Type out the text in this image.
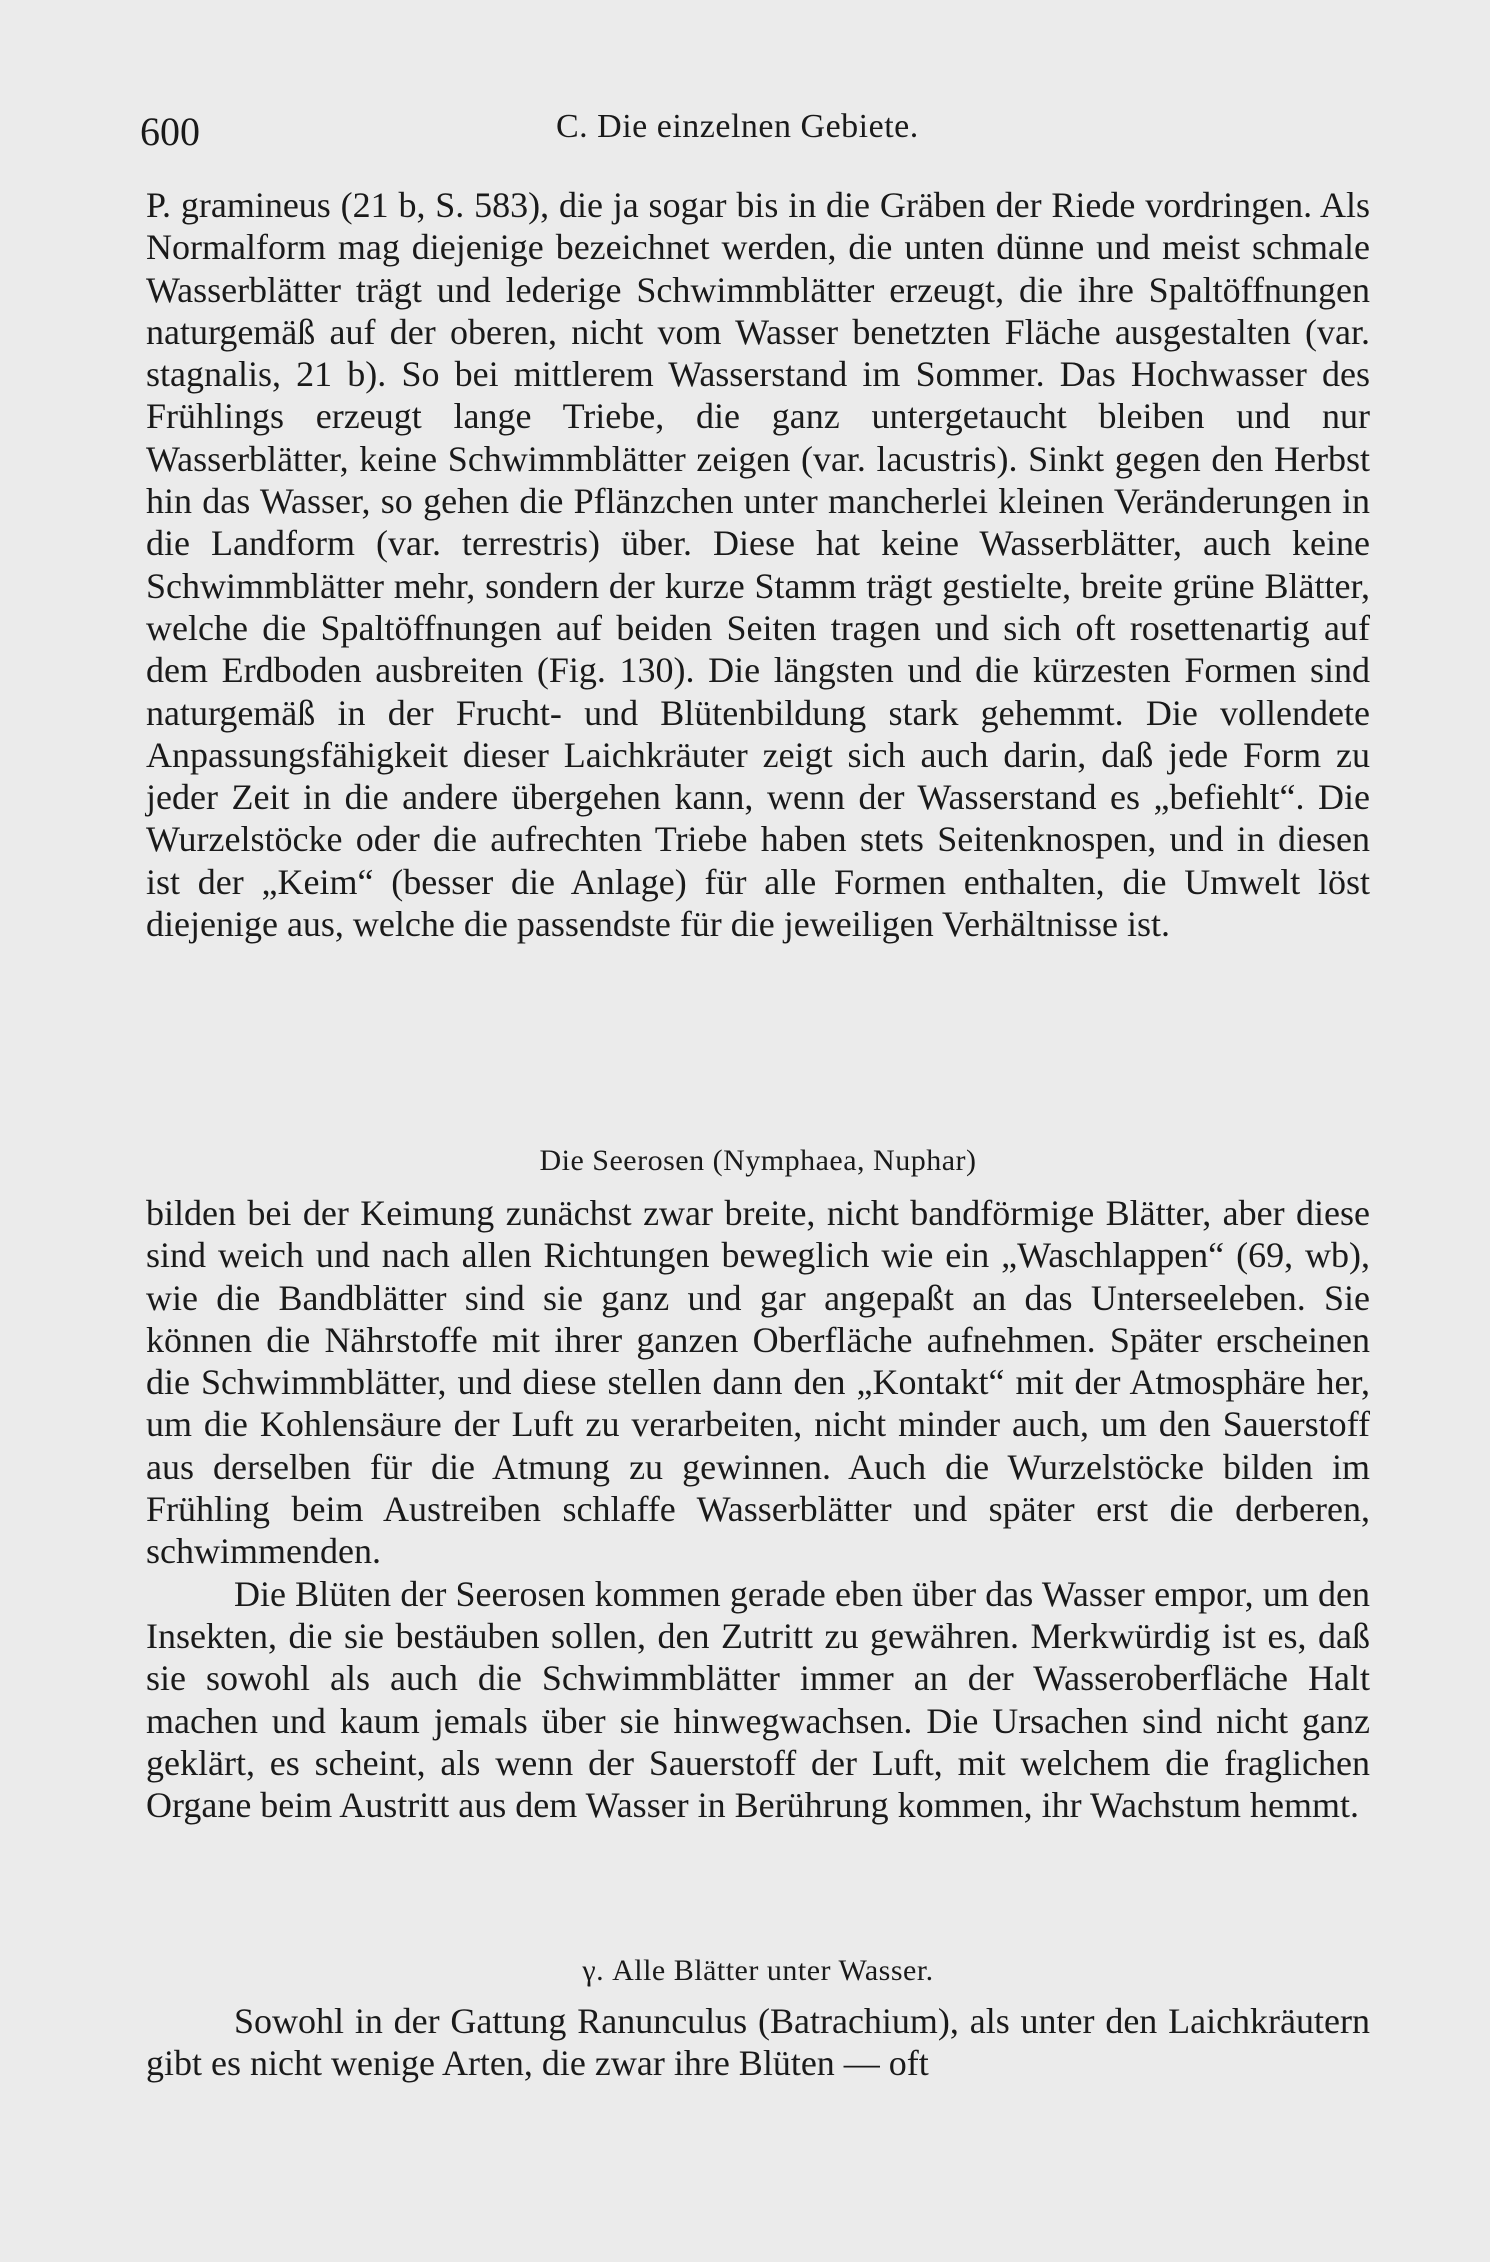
600	C. Die einzelnen Gebiete.

P. gramineus (21 b, S. 583), die ja sogar bis in die Gräben der Riede vordringen. Als Normalform mag diejenige bezeichnet werden, die unten dünne und meist schmale Wasserblätter trägt und lederige Schwimmblätter erzeugt, die ihre Spaltöffnungen naturgemäß auf der oberen, nicht vom Wasser benetzten Fläche ausgestalten (var. stagnalis, 21 b). So bei mittlerem Wasserstand im Sommer. Das Hochwasser des Frühlings erzeugt lange Triebe, die ganz untergetaucht bleiben und nur Wasserblätter, keine Schwimmblätter zeigen (var. lacustris). Sinkt gegen den Herbst hin das Wasser, so gehen die Pflänzchen unter mancherlei kleinen Veränderungen in die Landform (var. terrestris) über. Diese hat keine Wasserblätter, auch keine Schwimmblätter mehr, sondern der kurze Stamm trägt gestielte, breite grüne Blätter, welche die Spaltöffnungen auf beiden Seiten tragen und sich oft rosettenartig auf dem Erdboden ausbreiten (Fig. 130). Die längsten und die kürzesten Formen sind naturgemäß in der Frucht- und Blütenbildung stark gehemmt. Die vollendete Anpassungsfähigkeit dieser Laichkräuter zeigt sich auch darin, daß jede Form zu jeder Zeit in die andere übergehen kann, wenn der Wasserstand es „befiehlt“. Die Wurzelstöcke oder die aufrechten Triebe haben stets Seitenknospen, und in diesen ist der „Keim“ (besser die Anlage) für alle Formen enthalten, die Umwelt löst diejenige aus, welche die passendste für die jeweiligen Verhältnisse ist.

Die Seerosen (Nymphaea, Nuphar)

bilden bei der Keimung zunächst zwar breite, nicht bandförmige Blätter, aber diese sind weich und nach allen Richtungen beweglich wie ein „Waschlappen“ (69, wb), wie die Bandblätter sind sie ganz und gar angepaßt an das Unterseeleben. Sie können die Nährstoffe mit ihrer ganzen Oberfläche aufnehmen. Später erscheinen die Schwimmblätter, und diese stellen dann den „Kontakt“ mit der Atmosphäre her, um die Kohlensäure der Luft zu verarbeiten, nicht minder auch, um den Sauerstoff aus derselben für die Atmung zu gewinnen. Auch die Wurzelstöcke bilden im Frühling beim Austreiben schlaffe Wasserblätter und später erst die derberen, schwimmenden.

Die Blüten der Seerosen kommen gerade eben über das Wasser empor, um den Insekten, die sie bestäuben sollen, den Zutritt zu gewähren. Merkwürdig ist es, daß sie sowohl als auch die Schwimmblätter immer an der Wasseroberfläche Halt machen und kaum jemals über sie hinwegwachsen. Die Ursachen sind nicht ganz geklärt, es scheint, als wenn der Sauerstoff der Luft, mit welchem die fraglichen Organe beim Austritt aus dem Wasser in Berührung kommen, ihr Wachstum hemmt.

γ. Alle Blätter unter Wasser.

Sowohl in der Gattung Ranunculus (Batrachium), als unter den Laichkräutern gibt es nicht wenige Arten, die zwar ihre Blüten — oft
